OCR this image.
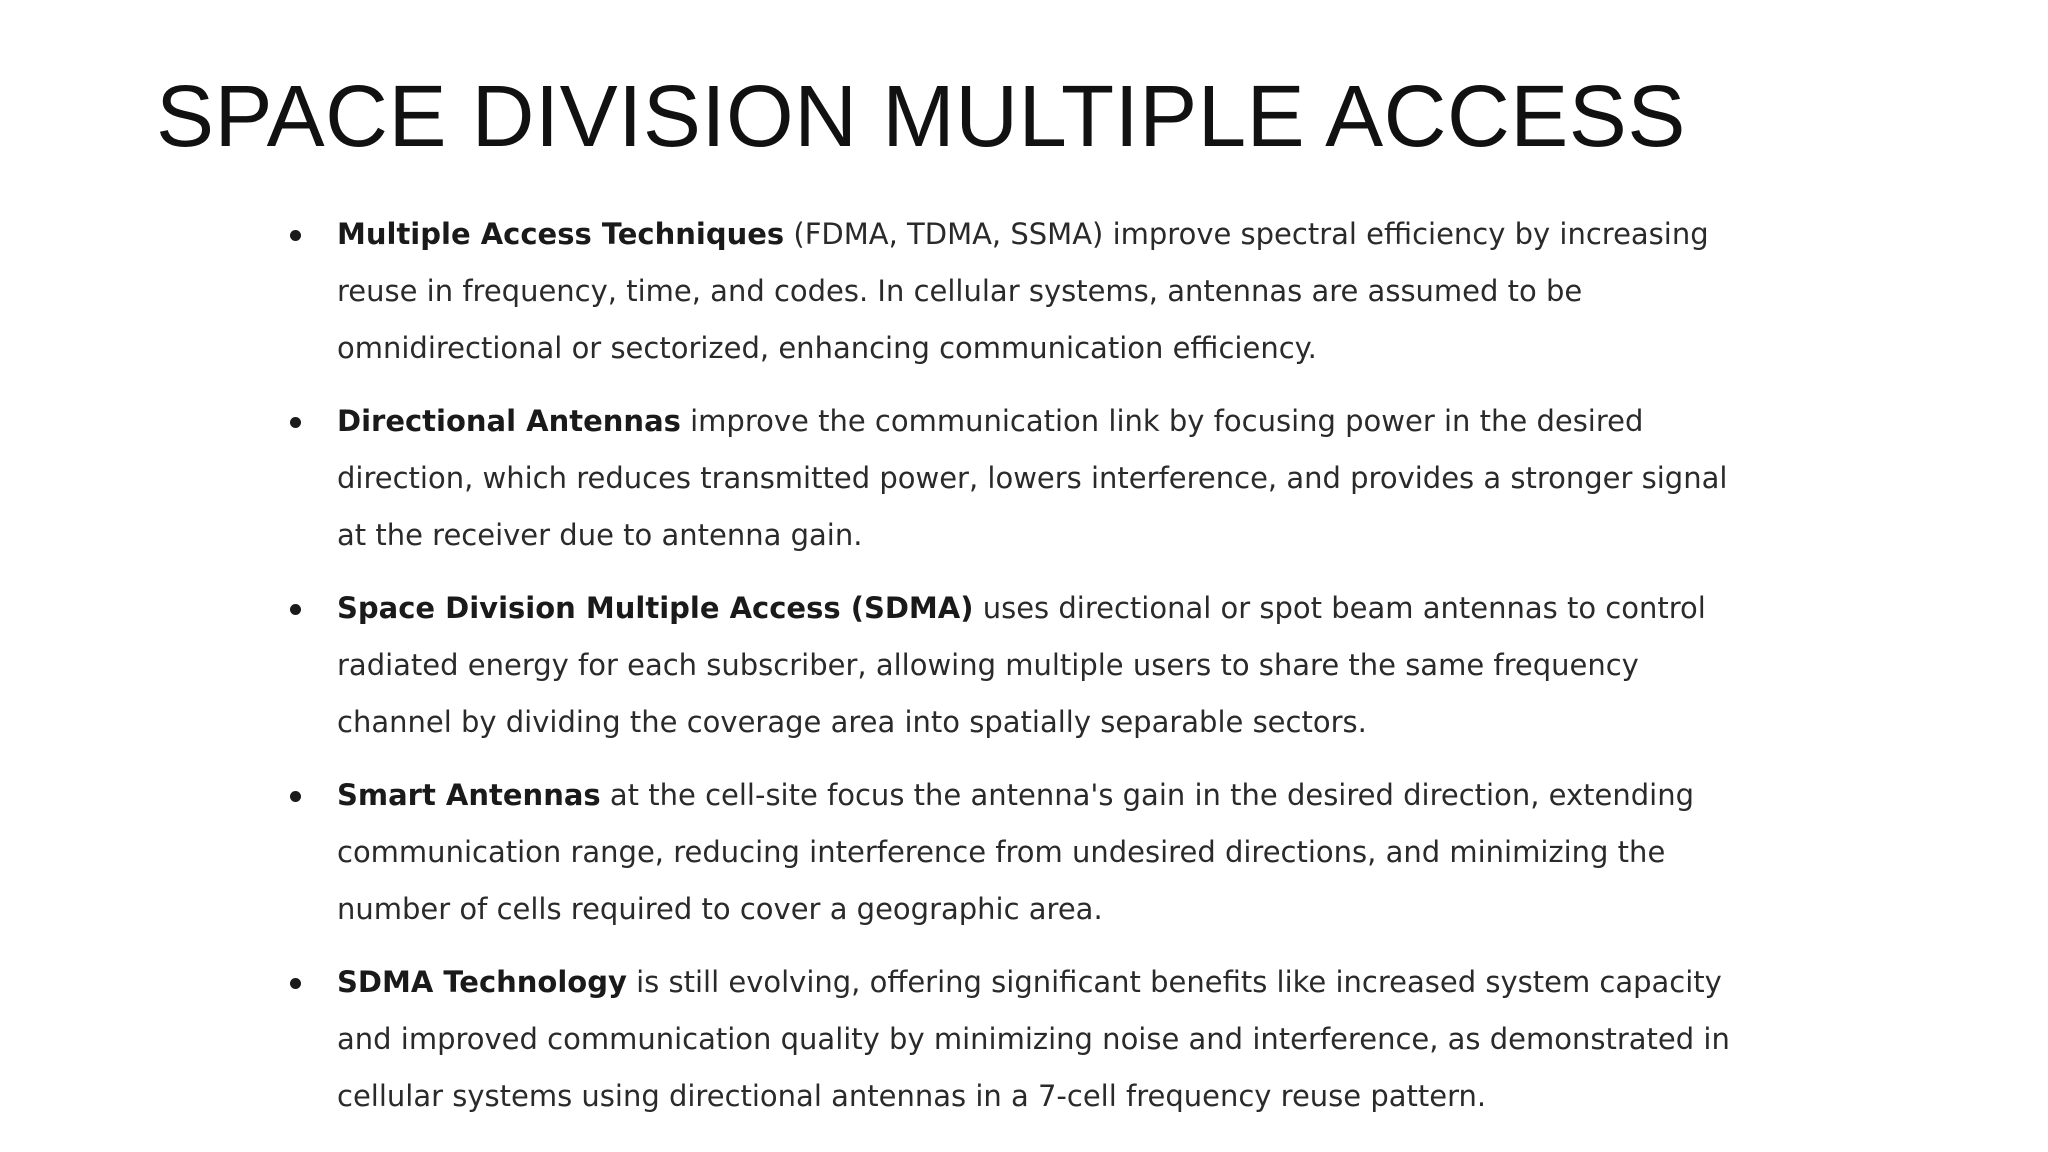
SPACE DIVISION MULTIPLE ACCESS
Multiple Access Techniques (FDMA, TDMA, SSMA) improve spectral efficiency by increasing reuse in frequency, time, and codes. In cellular systems, antennas are assumed to be omnidirectional or sectorized, enhancing communication efficiency.
Directional Antennas improve the communication link by focusing power in the desired direction, which reduces transmitted power, lowers interference, and provides a stronger signal at the receiver due to antenna gain.
Space Division Multiple Access (SDMA) uses directional or spot beam antennas to control radiated energy for each subscriber, allowing multiple users to share the same frequency channel by dividing the coverage area into spatially separable sectors.
Smart Antennas at the cell-site focus the antenna's gain in the desired direction, extending communication range, reducing interference from undesired directions, and minimizing the number of cells required to cover a geographic area.
SDMA Technology is still evolving, offering significant benefits like increased system capacity and improved communication quality by minimizing noise and interference, as demonstrated in cellular systems using directional antennas in a 7-cell frequency reuse pattern.
